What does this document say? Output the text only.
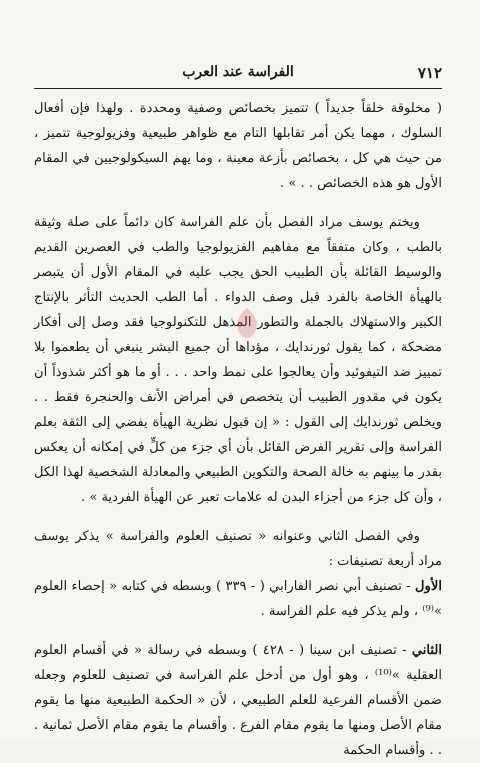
٧١٢
الفراسة عند العرب

( مخلوقة خلقاً جديداً ) تتميز بخصائص وصفية ومحددة . ولهذا فإن أفعال السلوك ، مهما يكن أمر تقابلها التام مع ظواهر طبيعية وفزيولوجية تتميز ، من حيث هي كل ، بخصائص بأزعة معينة ، وما يهم السيكولوجيين في المقام الأول هو هذه الخصائص . . » .

ويختم يوسف مراد الفصل بأن علم الفراسة كان دائماً على صلة وثيقة بالطب ، وكان متفقاً مع مفاهيم الفزيولوجيا والطب في العصرين القديم والوسيط القائلة بأن الطبيب الحق يجب عليه في المقام الأول أن يتبصر بالهيأة الخاصة بالفرد قبل وصف الدواء . أما الطب الحديث التأثر بالإنتاج الكبير والاستهلاك بالجملة والتطور المذهل للتكنولوجيا فقد وصل إلى أفكار مضحكة ، كما يقول ثورندايك ، مؤداها أن جميع البشر ينبغي أن يطعموا بلا تمييز ضد التيفوئيد وأن يعالجوا على نمط واحد . . . أو ما هو أكثر شذوذاً أن يكون في مقدور الطبيب أن يتخصص في أمراض الأنف والحنجرة فقط . . ويخلص ثورندايك إلى القول : « إن قبول نظرية الهيأة يفضي إلى الثقة بعلم الفراسة وإلى تقرير الفرض القائل بأن أي جزء من كلٍّ في إمكانه أن يعكس بقدر ما بينهم به خالة الصحة والتكوين الطبيعي والمعادلة الشخصية لهذا الكل ، وأن كل جزء من أجزاء البدن له علامات تعبر عن الهيأة الفردية » .

وفي الفصل الثاني وعنوانه « تصنيف العلوم والفراسة » يذكر يوسف مراد أربعة تصنيفات :

الأول - تصنيف أبي نصر الفارابي ( - ٣٣٩ ) وبسطه في كتابه « إحصاء العلوم »⁽⁹⁾ ، ولم يذكر فيه علم الفراسة .

الثاني - تصنيف ابن سينا ( - ٤٢٨ ) وبسطه في رسالة « في أقسام العلوم العقلية »⁽¹⁰⁾ ، وهو أول من أدخل علم الفراسة في تصنيف للعلوم وجعله ضمن الأقسام الفرعية للعلم الطبيعي ، لأن « الحكمة الطبيعية منها ما يقوم مقام الأصل ومنها ما يقوم مقام الفرع . وأقسام ما يقوم مقام الأصل ثمانية . . . وأقسام الحكمة
